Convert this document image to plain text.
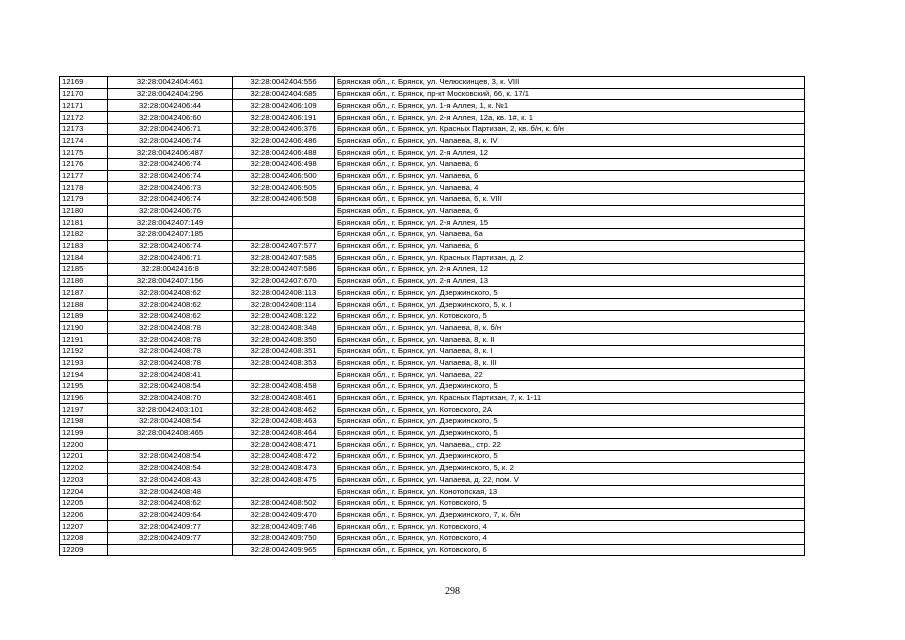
12169	32:28:0042404:461	32:28:0042404:556	Брянская обл., г. Брянск, ул. Челюскинцев, 3, к. VIII
12170	32:28:0042404:296	32:28:0042404:685	Брянская обл., г. Брянск, пр-кт Московский, 66, к. 17/1
12171	32:28:0042406:44	32:28:0042406:109	Брянская обл., г. Брянск, ул. 1-я Аллея, 1, к. №1
12172	32:28:0042406:60	32:28:0042406:191	Брянская обл., г. Брянск, ул. 2-я Аллея, 12а, кв. 1#, к. 1
12173	32:28:0042406:71	32:28:0042406:376	Брянская обл., г. Брянск, ул. Красных Партизан, 2, кв. б/н, к. б/н
12174	32:28:0042406:74	32:28:0042406:486	Брянская обл., г. Брянск, ул. Чапаева, 8, к. IV
12175	32:28:0042406:487	32:28:0042406:488	Брянская обл., г. Брянск, ул. 2-я Аллея, 12
12176	32:28:0042406:74	32:28:0042406:498	Брянская обл., г. Брянск, ул. Чапаева, 6
12177	32:28:0042406:74	32:28:0042406:500	Брянская обл., г. Брянск, ул. Чапаева, 6
12178	32:28:0042406:73	32:28:0042406:505	Брянская обл., г. Брянск, ул. Чапаева, 4
12179	32:28:0042406:74	32:28:0042406:508	Брянская обл., г. Брянск, ул. Чапаева, 6, к. VIII
12180	32:28:0042406:76		Брянская обл., г. Брянск, ул. Чапаева, 6
12181	32:28:0042407:149		Брянская обл., г. Брянск, ул. 2-я Аллея, 15
12182	32:28:0042407:185		Брянская обл., г. Брянск, ул. Чапаева, 6а
12183	32:28:0042406:74	32:28:0042407:577	Брянская обл., г. Брянск, ул. Чапаева, 6
12184	32:28:0042406:71	32:28:0042407:585	Брянская обл., г. Брянск, ул. Красных Партизан, д. 2
12185	32:28:0042416:8	32:28:0042407:586	Брянская обл., г. Брянск, ул. 2-я Аллея, 12
12186	32:28:0042407:156	32:28:0042407:670	Брянская обл., г. Брянск, ул. 2-я Аллея, 13
12187	32:28:0042408:62	32:28:0042408:113	Брянская обл., г. Брянск, ул. Дзержинского, 5
12188	32:28:0042408:62	32:28:0042408:114	Брянская обл., г. Брянск, ул. Дзержинского, 5, к. I
12189	32:28:0042408:62	32:28:0042408:122	Брянская обл., г. Брянск, ул. Котовского, 5
12190	32:28:0042408:78	32:28:0042408:348	Брянская обл., г. Брянск, ул. Чапаева, 8, к. б/н
12191	32:28:0042408:78	32:28:0042408:350	Брянская обл., г. Брянск, ул. Чапаева, 8, к. II
12192	32:28:0042408:78	32:28:0042408:351	Брянская обл., г. Брянск, ул. Чапаева, 8, к. I
12193	32:28:0042408:78	32:28:0042408:353	Брянская обл., г. Брянск, ул. Чапаева, 8, к. III
12194	32:28:0042408:41		Брянская обл., г. Брянск, ул. Чапаева, 22
12195	32:28:0042408:54	32:28:0042408:458	Брянская обл., г. Брянск, ул. Дзержинского, 5
12196	32:28:0042408:70	32:28:0042408:461	Брянская обл., г. Брянск, ул. Красных Партизан, 7, к. 1-11
12197	32:28:0042403:101	32:28:0042408:462	Брянская обл., г. Брянск, ул. Котовского, 2А
12198	32:28:0042408:54	32:28:0042408:463	Брянская обл., г. Брянск, ул. Дзержинского, 5
12199	32:28:0042408:465	32:28:0042408:464	Брянская обл., г. Брянск, ул. Дзержинского, 5
12200		32:28:0042408:471	Брянская обл., г. Брянск, ул. Чапаева,, стр. 22
12201	32:28:0042408:54	32:28:0042408:472	Брянская обл., г. Брянск, ул. Дзержинского, 5
12202	32:28:0042408:54	32:28:0042408:473	Брянская обл., г. Брянск, ул. Дзержинского, 5, к. 2
12203	32:28:0042408:43	32:28:0042408:475	Брянская обл., г. Брянск, ул. Чапаева, д. 22, пом. V
12204	32:28:0042408:48		Брянская обл., г. Брянск, ул. Конотопская, 13
12205	32:28:0042408:62	32:28:0042408:502	Брянская обл., г. Брянск, ул. Котовского, 5
12206	32:28:0042409:64	32:28:0042409:470	Брянская обл., г. Брянск, ул. Дзержинского, 7, к. б/н
12207	32:28:0042409:77	32:28:0042409:746	Брянская обл., г. Брянск, ул. Котовского, 4
12208	32:28:0042409:77	32:28:0042409:750	Брянская обл., г. Брянск, ул. Котовского, 4
12209		32:28:0042409:965	Брянская обл., г. Брянск, ул. Котовского, 6
298
